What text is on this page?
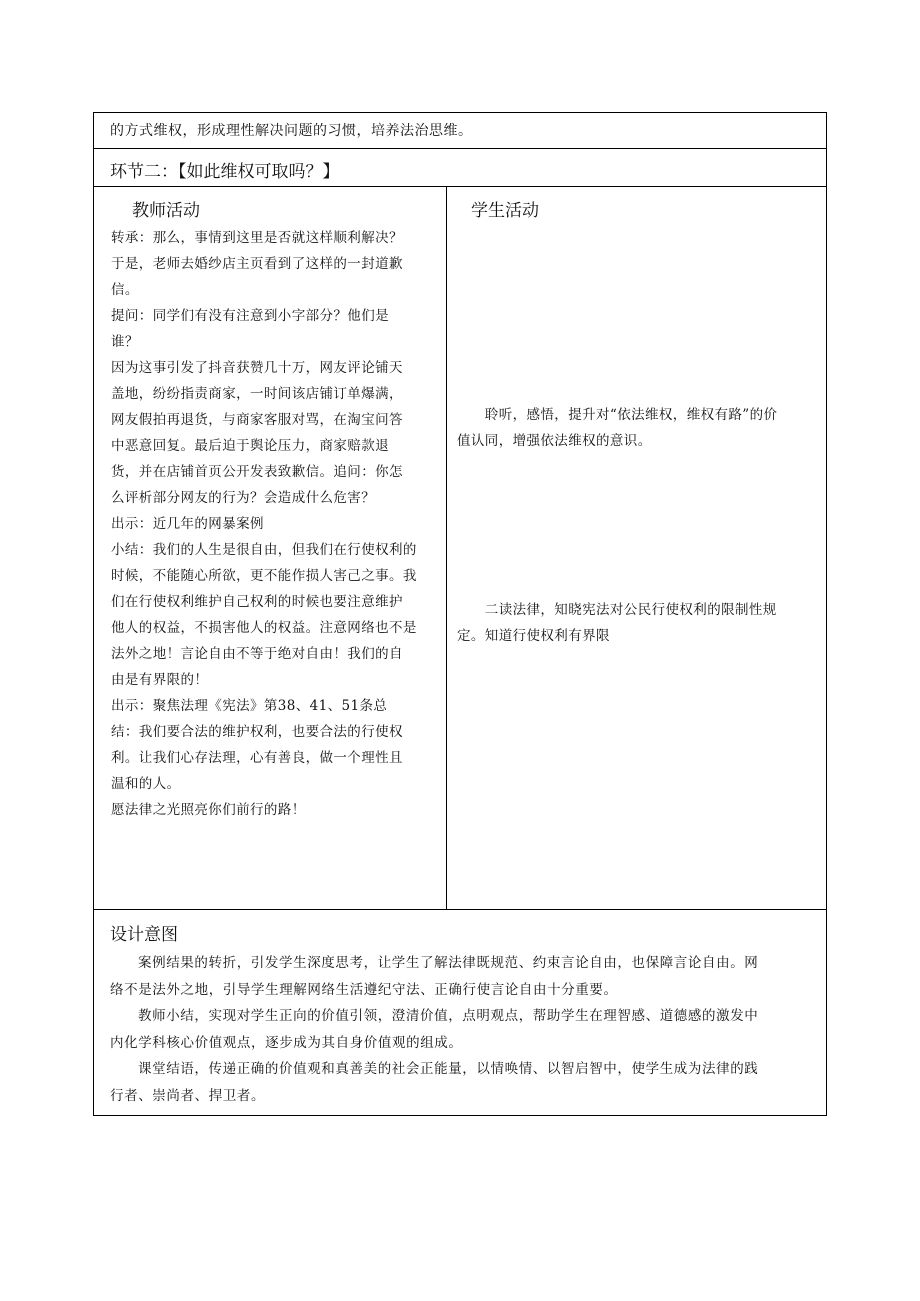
的方式维权，形成理性解决问题的习惯，培养法治思维。
环节二：【如此维权可取吗？】
教师活动
转承：那么，事情到这里是否就这样顺利解决？
于是，老师去婚纱店主页看到了这样的一封道歉
信。
提问：同学们有没有注意到小字部分？他们是
谁？
因为这事引发了抖音获赞几十万，网友评论铺天
盖地，纷纷指责商家，一时间该店铺订单爆满，
网友假拍再退货，与商家客服对骂，在淘宝问答
中恶意回复。最后迫于舆论压力，商家赔款退
货，并在店铺首页公开发表致歉信。追问：你怎
么评析部分网友的行为？会造成什么危害？
出示：近几年的网暴案例
小结：我们的人生是很自由，但我们在行使权利的
时候，不能随心所欲，更不能作损人害己之事。我
们在行使权利维护自己权利的时候也要注意维护
他人的权益，不损害他人的权益。注意网络也不是
法外之地！言论自由不等于绝对自由！我们的自
由是有界限的！
出示：聚焦法理《宪法》第38、41、51条总
结：我们要合法的维护权利，也要合法的行使权
利。让我们心存法理，心有善良，做一个理性且
温和的人。
愿法律之光照亮你们前行的路！
学生活动
　　聆听，感悟，提升对“依法维权，维权有路”的价
值认同，增强依法维权的意识。
　　二读法律，知晓宪法对公民行使权利的限制性规
定。知道行使权利有界限
设计意图
案例结果的转折，引发学生深度思考，让学生了解法律既规范、约束言论自由，也保障言论自由。网
络不是法外之地，引导学生理解网络生活遵纪守法、正确行使言论自由十分重要。
教师小结，实现对学生正向的价值引领，澄清价值，点明观点，帮助学生在理智感、道德感的激发中
内化学科核心价值观点，逐步成为其自身价值观的组成。
课堂结语，传递正确的价值观和真善美的社会正能量，以情唤情、以智启智中，使学生成为法律的践
行者、崇尚者、捍卫者。
